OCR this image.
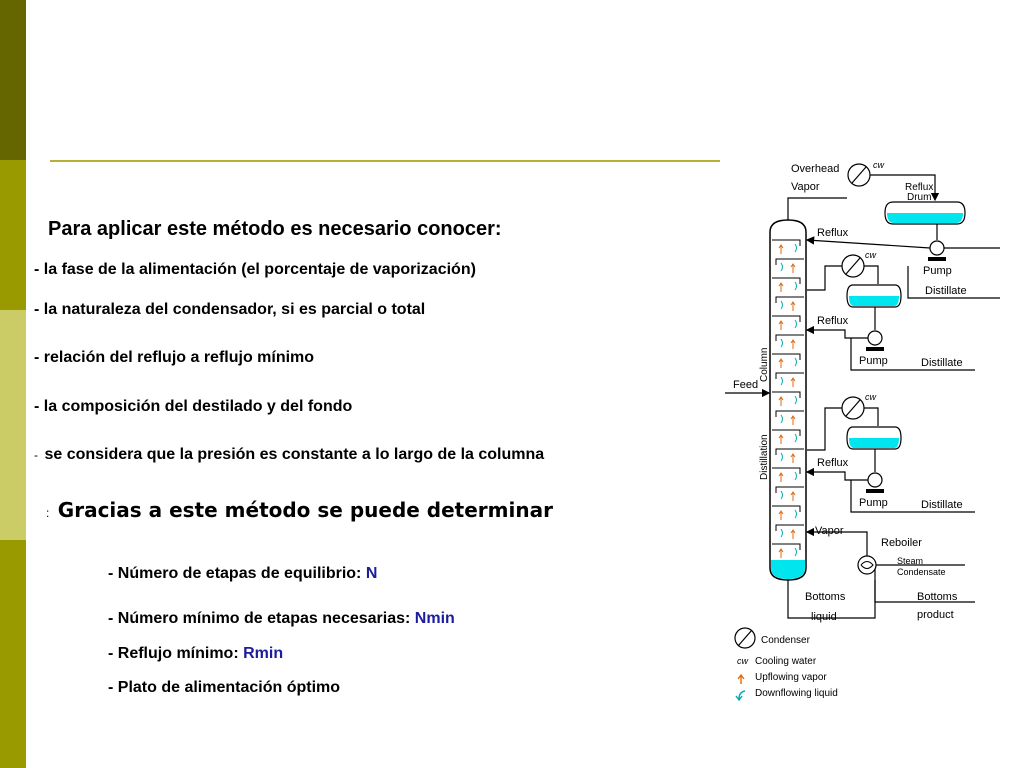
Para aplicar este método es necesario conocer:
- la fase de la alimentación (el porcentaje de vaporización)
- la naturaleza del condensador, si es parcial o total
- relación del reflujo a reflujo mínimo
- la composición del destilado y del fondo
- se considera que la presión es constante a lo largo de la columna
: Gracias a este método se puede determinar
- Número de etapas de equilibrio: N
- Número mínimo de etapas necesarias: Nmin
- Reflujo mínimo: Rmin
- Plato de alimentación óptimo
Overhead
Vapor
cw
Reflux
Drum
Reflux
Pump
Distillate
cw
Reflux
Pump	Distillate
Feed
Column
Distillation
cw
Reflux
Pump	Distillate
Vapor
Reboiler
Steam
Condensate
Bottoms
liquid
Bottoms
product
Condenser
cw Cooling water
Upflowing vapor
Downflowing liquid
